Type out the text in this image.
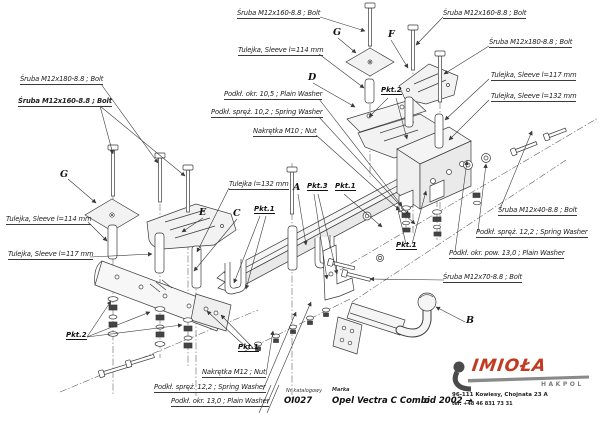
Śruba M12x180-8.8 ; Bolt
Śruba M12x160-8.8 ; Bolt
Śruba M12x160-8.8 ; Bolt
Tulejka, Sleeve l=114 mm
Podkł. okr. 10,5 ; Plain Washer
Podkł. spręż. 10,2 ; Spring Washer
Nakrętka M10 ; Nut
Tulejka l=132 mm
Śruba M12x160-8.8 ; Bolt
Śruba M12x180-8.8 ; Bolt
Tulejka, Sleeve l=117 mm
Tulejka, Sleeve l=132 mm
Tulejka, Sleeve l=114 mm
Tulejka, Sleeve l=117 mm
Śruba M12x40-8.8 ; Bolt
Podkł. spręż. 12,2 ; Spring Washer
Podkł. okr. pow. 13,0 ; Plain Washer
Śruba M12x70-8.8 ; Bolt
Nakrętka M12 ; Nut
Podkł. spręż. 12,2 ; Spring Washer
Podkł. okr. 13,0 ; Plain Washer
G	F
D
G
E	C
A
B
Pkt.2
Pkt.1
Pkt.3 Pkt.1
Pkt.1
Pkt.2
Pkt.1
Nr katalogowy
OI027
Marka
Opel Vectra C Combi
od 2002 →
IMIOŁA
HAKPOL
96-111 Kowiesy, Chojnata 23 A
tel. +48 46 831 73 31
